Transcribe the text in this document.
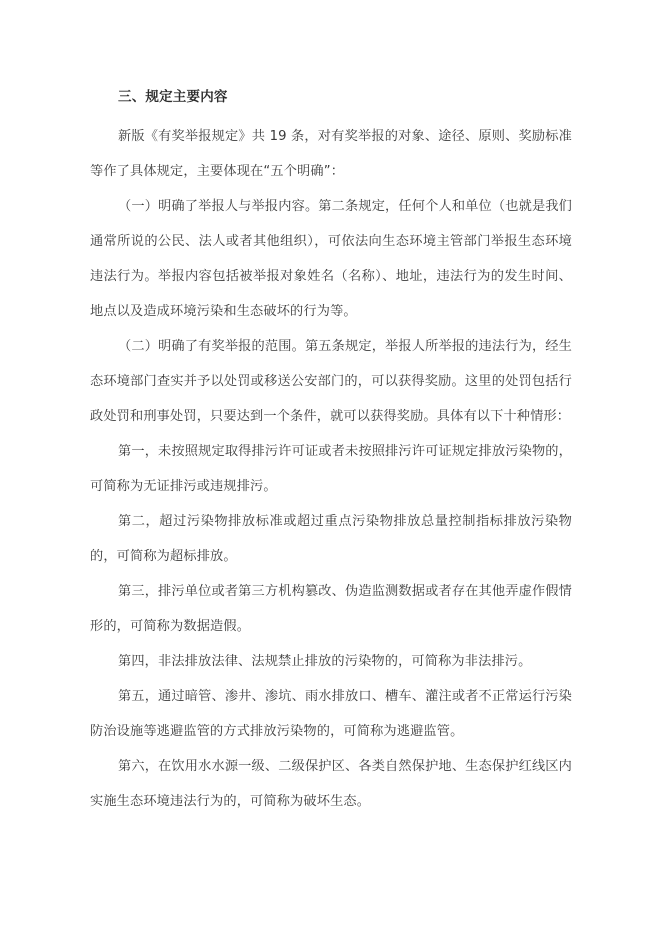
三、规定主要内容

新版《有奖举报规定》共 19 条，对有奖举报的对象、途径、原则、奖励标准等作了具体规定，主要体现在“五个明确”：

（一）明确了举报人与举报内容。第二条规定，任何个人和单位（也就是我们通常所说的公民、法人或者其他组织），可依法向生态环境主管部门举报生态环境违法行为。举报内容包括被举报对象姓名（名称）、地址，违法行为的发生时间、地点以及造成环境污染和生态破坏的行为等。

（二）明确了有奖举报的范围。第五条规定，举报人所举报的违法行为，经生态环境部门查实并予以处罚或移送公安部门的，可以获得奖励。这里的处罚包括行政处罚和刑事处罚，只要达到一个条件，就可以获得奖励。具体有以下十种情形：

第一，未按照规定取得排污许可证或者未按照排污许可证规定排放污染物的，可简称为无证排污或违规排污。

第二，超过污染物排放标准或超过重点污染物排放总量控制指标排放污染物的，可简称为超标排放。

第三，排污单位或者第三方机构篡改、伪造监测数据或者存在其他弄虚作假情形的，可简称为数据造假。

第四，非法排放法律、法规禁止排放的污染物的，可简称为非法排污。

第五，通过暗管、渗井、渗坑、雨水排放口、槽车、灌注或者不正常运行污染防治设施等逃避监管的方式排放污染物的，可简称为逃避监管。

第六，在饮用水水源一级、二级保护区、各类自然保护地、生态保护红线区内实施生态环境违法行为的，可简称为破坏生态。
